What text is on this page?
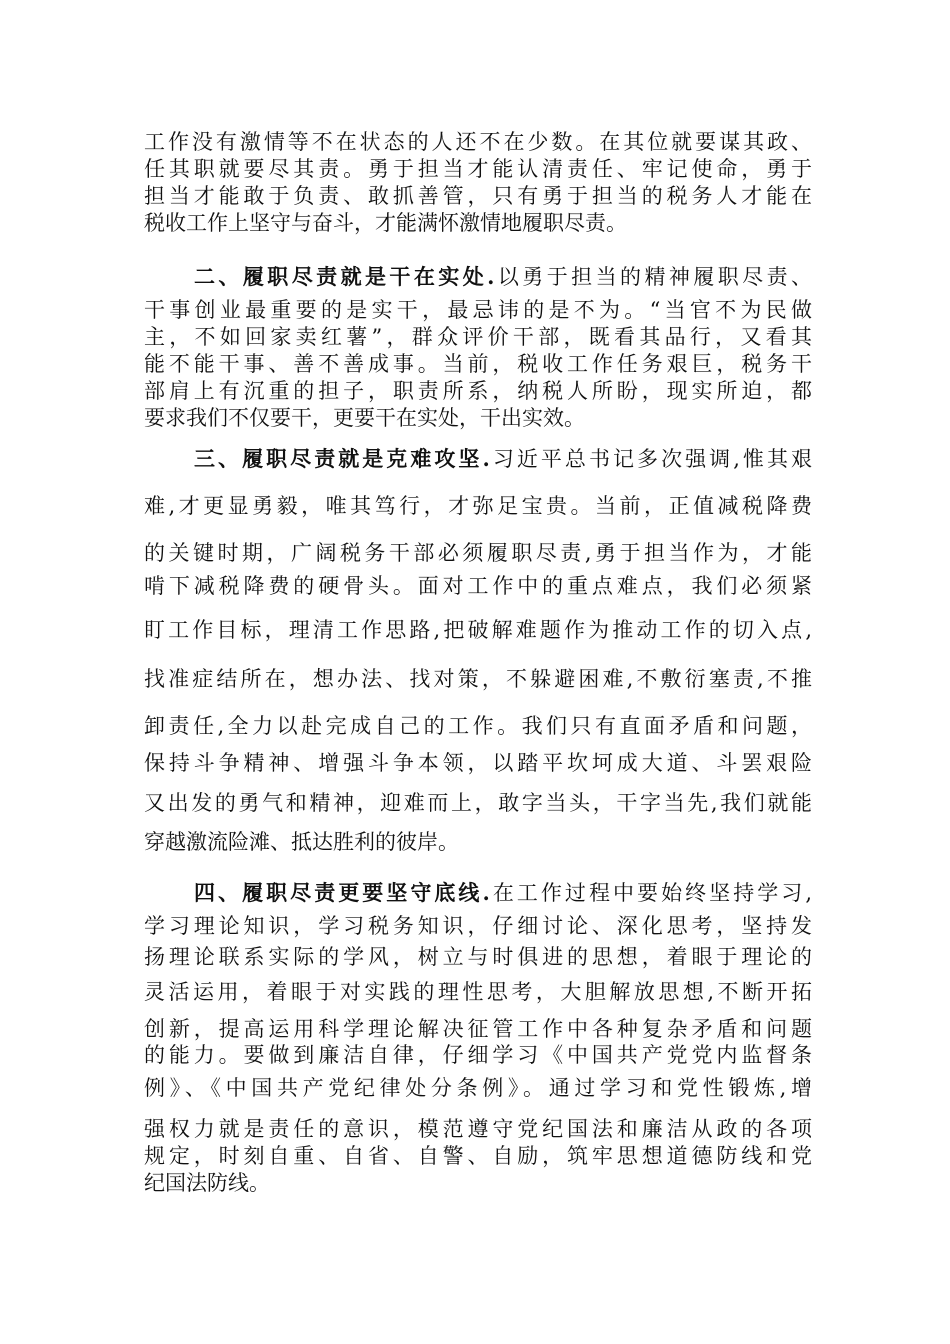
工作没有激情等不在状态的人还不在少数。在其位就要谋其政、
任其职就要尽其责。勇于担当才能认清责任、牢记使命，勇于
担当才能敢于负责、敢抓善管，只有勇于担当的税务人才能在
税收工作上坚守与奋斗，才能满怀激情地履职尽责。
二、履职尽责就是干在实处.以勇于担当的精神履职尽责、
干事创业最重要的是实干，最忌讳的是不为。“当官不为民做
主，不如回家卖红薯”，群众评价干部，既看其品行，又看其
能不能干事、善不善成事。当前，税收工作任务艰巨，税务干
部肩上有沉重的担子，职责所系，纳税人所盼，现实所迫，都
要求我们不仅要干，更要干在实处，干出实效。
三、履职尽责就是克难攻坚.习近平总书记多次强调,惟其艰
难,才更显勇毅，唯其笃行，才弥足宝贵。当前，正值减税降费
的关键时期，广阔税务干部必须履职尽责,勇于担当作为，才能
啃下减税降费的硬骨头。面对工作中的重点难点，我们必须紧
盯工作目标，理清工作思路,把破解难题作为推动工作的切入点,
找准症结所在，想办法、找对策，不躲避困难,不敷衍塞责,不推
卸责任,全力以赴完成自己的工作。我们只有直面矛盾和问题，
保持斗争精神、增强斗争本领，以踏平坎坷成大道、斗罢艰险
又出发的勇气和精神，迎难而上，敢字当头，干字当先,我们就能
穿越激流险滩、抵达胜利的彼岸。
四、履职尽责更要坚守底线.在工作过程中要始终坚持学习,
学习理论知识，学习税务知识，仔细讨论、深化思考，坚持发
扬理论联系实际的学风，树立与时俱进的思想，着眼于理论的
灵活运用，着眼于对实践的理性思考，大胆解放思想,不断开拓
创新，提高运用科学理论解决征管工作中各种复杂矛盾和问题
的能力。要做到廉洁自律，仔细学习《中国共产党党内监督条
例》、《中国共产党纪律处分条例》。通过学习和党性锻炼,增
强权力就是责任的意识，模范遵守党纪国法和廉洁从政的各项
规定，时刻自重、自省、自警、自励，筑牢思想道德防线和党
纪国法防线。
